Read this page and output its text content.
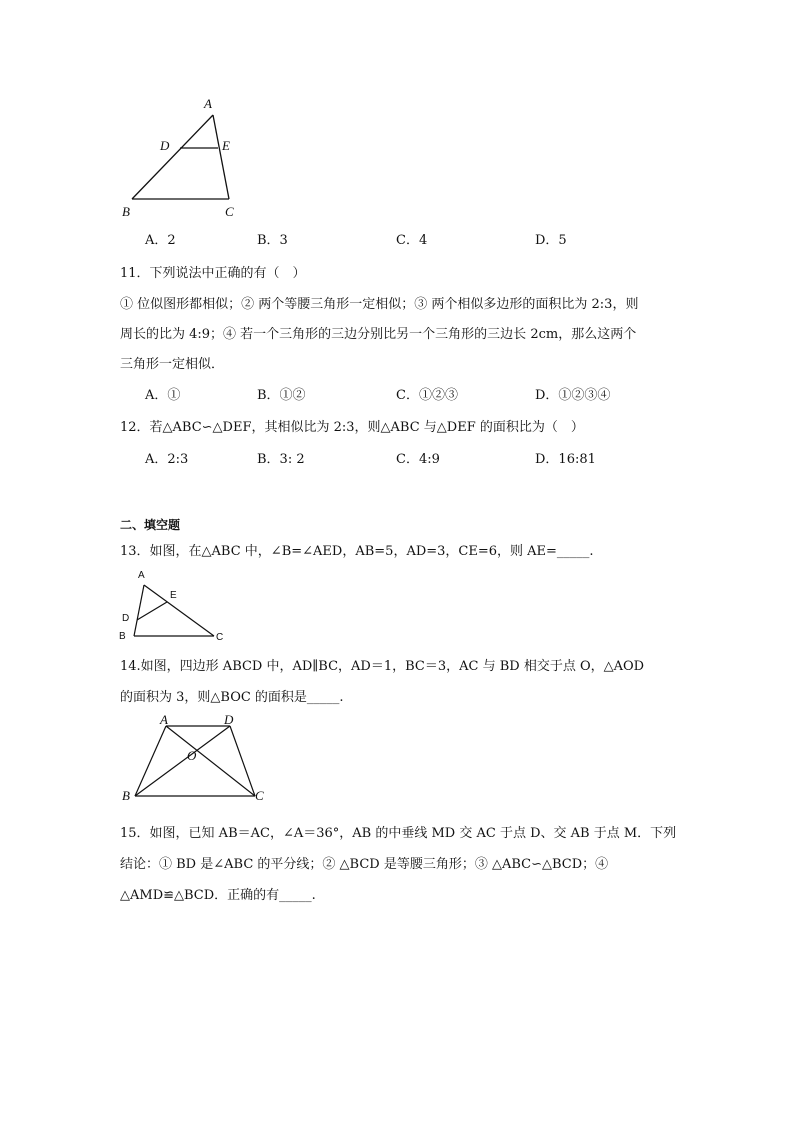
A
D	E
B	C
A．2	B．3	C．4	D．5
11．下列说法中正确的有（　）
① 位似图形都相似；② 两个等腰三角形一定相似；③ 两个相似多边形的面积比为 2:3，则
周长的比为 4:9；④ 若一个三角形的三边分别比另一个三角形的三边长 2cm，那么这两个
三角形一定相似．
A．①	B．①②	C．①②③	D．①②③④
12．若△ABC∽△DEF，其相似比为 2:3，则△ABC 与△DEF 的面积比为（　）
A．2:3	B．3: 2	C．4:9	D．16:81
二、填空题
13．如图，在△ABC 中，∠B=∠AED，AB=5，AD=3，CE=6，则 AE=_____.
A
E
D
B	C
14.如图，四边形 ABCD 中，AD∥BC，AD＝1，BC＝3，AC 与 BD 相交于点 O，△AOD
的面积为 3，则△BOC 的面积是_____.
A	D
O
B	C
15．如图，已知 AB＝AC，∠A＝36°，AB 的中垂线 MD 交 AC 于点 D、交 AB 于点 M．下列
结论：① BD 是∠ABC 的平分线；② △BCD 是等腰三角形；③ △ABC∽△BCD；④
△AMD≌△BCD．正确的有_____.
